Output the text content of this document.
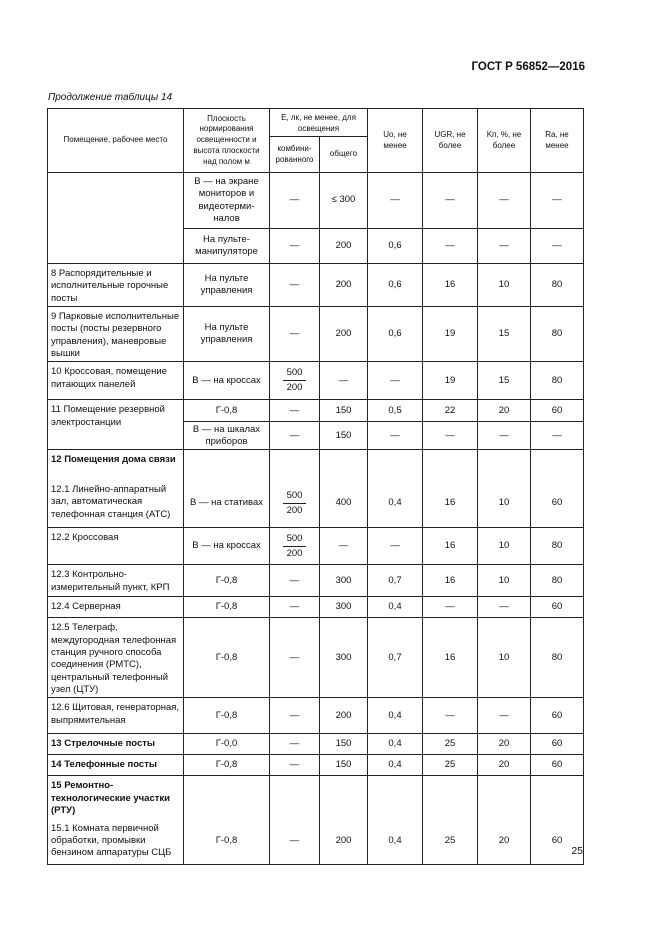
ГОСТ Р 56852—2016
Продолжение таблицы 14
Помещение, рабочее место	Плоскость нормирования освещенности и высота плоскости над полом м	E, лк, не менее, для освещения		Uо, не менее	UGR, не более	Kп, %, не более	Ra, не менее
		комбини-рованного	общего				
	В — на экране мониторов и видеотерми-налов	—	≤ 300	—	—	—	—
	На пульте-манипуляторе	—	200	0,6	—	—	—
8 Распорядительные и исполнительные горочные посты	На пульте управления	—	200	0,6	16	10	80
9 Парковые исполнительные посты (посты резервного управления), маневровые вышки	На пульте управления	—	200	0,6	19	15	80
10 Кроссовая, помещение питающих панелей	В — на кроссах	$\frac{500}{200}$	—	—	19	15	80
11 Помещение резервной электростанции	Г-0,8	—	150	0,5	22	20	60
	В — на шкалах приборов	—	150	—	—	—	—
12 Помещения дома связи							
12.1 Линейно-аппаратный зал, автоматическая телефонная станция (АТС)	В — на стативах	$\frac{500}{200}$	400	0,4	16	10	60
12.2 Кроссовая	В — на кроссах	$\frac{500}{200}$	—	—	16	10	80
12.3 Контрольно-измерительный пункт, КРП	Г-0,8	—	300	0,7	16	10	80
12.4 Серверная	Г-0,8	—	300	0,4	—	—	60
12.5 Телеграф, междугородная телефонная станция ручного способа соединения (РМТС), центральный телефонный узел (ЦТУ)	Г-0,8	—	300	0,7	16	10	80
12.6 Щитовая, генераторная, выпрямительная	Г-0,8	—	200	0,4	—	—	60
13 Стрелочные посты	Г-0,0	—	150	0,4	25	20	60
14 Телефонные посты	Г-0,8	—	150	0,4	25	20	60
15 Ремонтно-технологические участки (РТУ)							
15.1 Комната первичной обработки, промывки бензином аппаратуры СЦБ	Г-0,8	—	200	0,4	25	20	60
25
